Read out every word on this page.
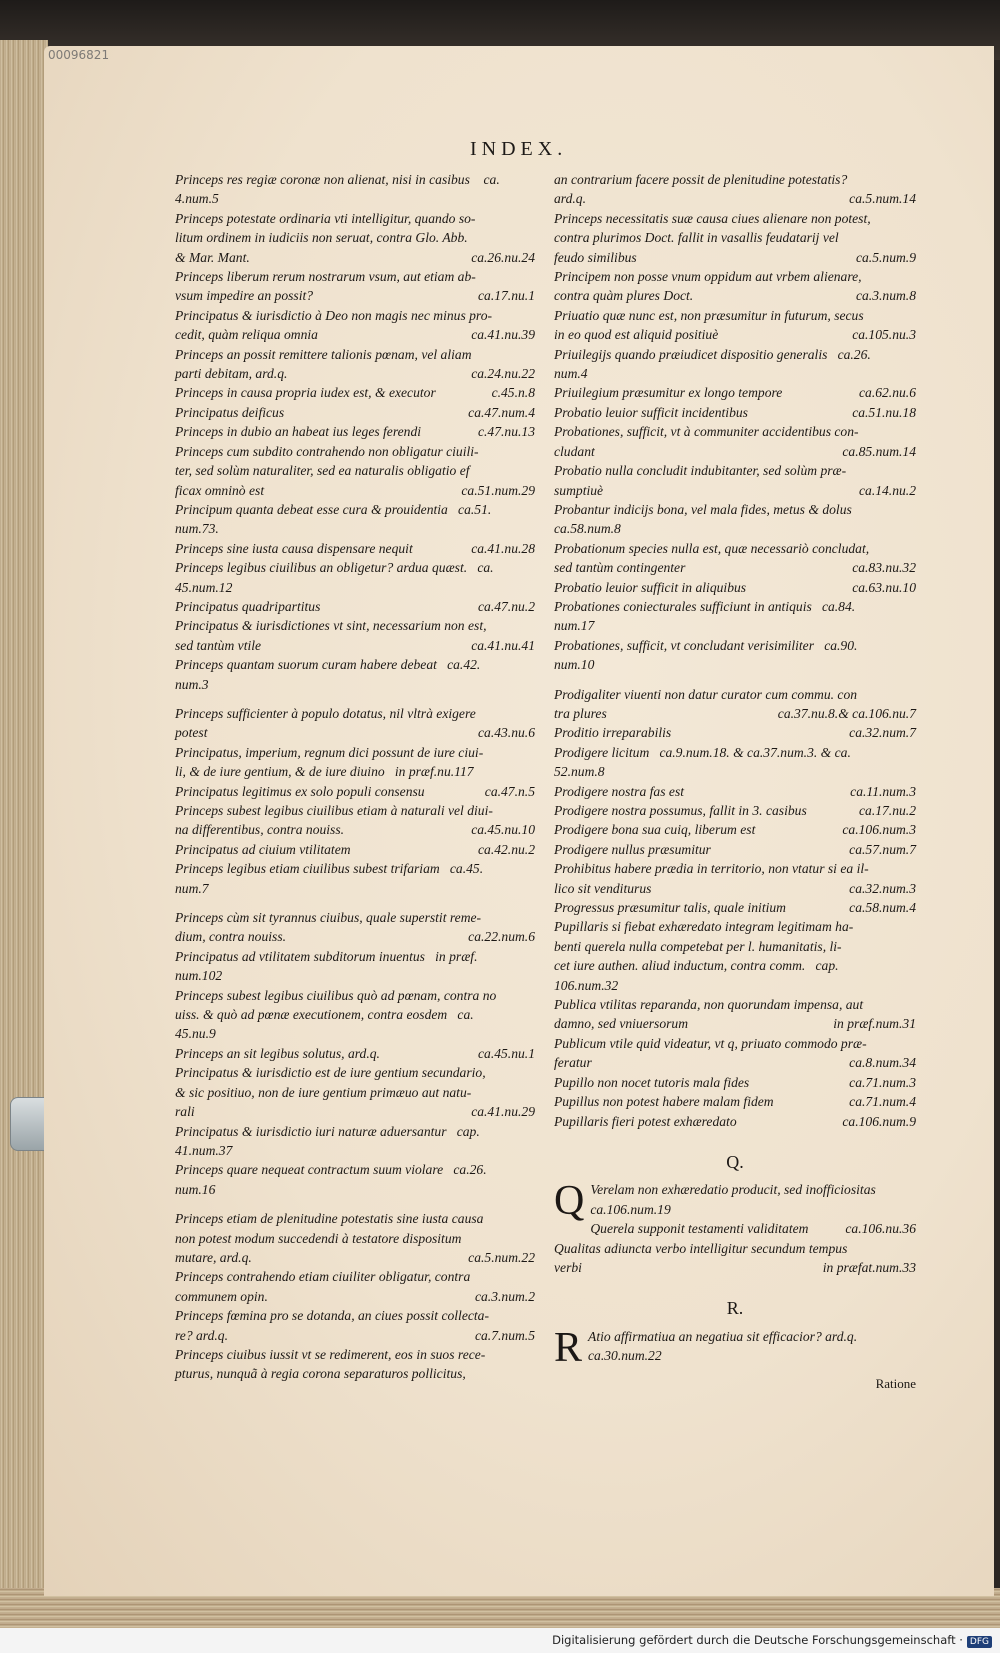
00096821
INDEX.
Princeps res regiæ coronæ non alienat, nisi in casibus    ca.
4.num.5
Princeps potestate ordinaria vti intelligitur, quando so-
litum ordinem in iudiciis non seruat, contra Glo. Abb.
& Mar. Mant.	ca.26.nu.24
Princeps liberum rerum nostrarum vsum, aut etiam ab-
vsum impedire an possit?	ca.17.nu.1
Principatus & iurisdictio à Deo non magis nec minus pro-
cedit, quàm reliqua omnia	ca.41.nu.39
Princeps an possit remittere talionis pœnam, vel aliam
parti debitam, ard.q.	ca.24.nu.22
Princeps in causa propria iudex est, & executor	c.45.n.8
Principatus deificus	ca.47.num.4
Princeps in dubio an habeat ius leges ferendi	c.47.nu.13
Princeps cum subdito contrahendo non obligatur ciuili-
ter, sed solùm naturaliter, sed ea naturalis obligatio ef
ficax omninò est	ca.51.num.29
Principum quanta debeat esse cura & prouidentia   ca.51.
num.73.
Princeps sine iusta causa dispensare nequit	ca.41.nu.28
Princeps legibus ciuilibus an obligetur? ardua quæst.   ca.
45.num.12
Principatus quadripartitus	ca.47.nu.2
Principatus & iurisdictiones vt sint, necessarium non est,
sed tantùm vtile	ca.41.nu.41
Princeps quantam suorum curam habere debeat   ca.42.
num.3
Princeps sufficienter à populo dotatus, nil vltrà exigere
potest	ca.43.nu.6
Principatus, imperium, regnum dici possunt de iure ciui-
li, & de iure gentium, & de iure diuino   in præf.nu.117
Principatus legitimus ex solo populi consensu	ca.47.n.5
Princeps subest legibus ciuilibus etiam à naturali vel diui-
na differentibus, contra nouiss.	ca.45.nu.10
Principatus ad ciuium vtilitatem	ca.42.nu.2
Princeps legibus etiam ciuilibus subest trifariam   ca.45.
num.7
Princeps cùm sit tyrannus ciuibus, quale superstit reme-
dium, contra nouiss.	ca.22.num.6
Principatus ad vtilitatem subditorum inuentus   in præf.
num.102
Princeps subest legibus ciuilibus quò ad pœnam, contra no
uiss. & quò ad pœnæ executionem, contra eosdem   ca.
45.nu.9
Princeps an sit legibus solutus, ard.q.	ca.45.nu.1
Principatus & iurisdictio est de iure gentium secundario,
& sic positiuo, non de iure gentium primæuo aut natu-
rali	ca.41.nu.29
Principatus & iurisdictio iuri naturæ aduersantur   cap.
41.num.37
Princeps quare nequeat contractum suum violare   ca.26.
num.16
Princeps etiam de plenitudine potestatis sine iusta causa
non potest modum succedendi à testatore dispositum
mutare, ard.q.	ca.5.num.22
Princeps contrahendo etiam ciuiliter obligatur, contra
communem opin.	ca.3.num.2
Princeps fœmina pro se dotanda, an ciues possit collecta-
re? ard.q.	ca.7.num.5
Princeps ciuibus iussit vt se redimerent, eos in suos rece-
pturus, nunquã à regia corona separaturos pollicitus,
an contrarium facere possit de plenitudine potestatis?
ard.q.	ca.5.num.14
Princeps necessitatis suæ causa ciues alienare non potest,
contra plurimos Doct. fallit in vasallis feudatarij vel
feudo similibus	ca.5.num.9
Principem non posse vnum oppidum aut vrbem alienare,
contra quàm plures Doct.	ca.3.num.8
Priuatio quæ nunc est, non præsumitur in futurum, secus
in eo quod est aliquid positiuè	ca.105.nu.3
Priuilegijs quando præiudicet dispositio generalis   ca.26.
num.4
Priuilegium præsumitur ex longo tempore	ca.62.nu.6
Probatio leuior sufficit incidentibus	ca.51.nu.18
Probationes, sufficit, vt à communiter accidentibus con-
cludant	ca.85.num.14
Probatio nulla concludit indubitanter, sed solùm præ-
sumptiuè	ca.14.nu.2
Probantur indicijs bona, vel mala fides, metus & dolus
ca.58.num.8
Probationum species nulla est, quæ necessariò concludat,
sed tantùm contingenter	ca.83.nu.32
Probatio leuior sufficit in aliquibus	ca.63.nu.10
Probationes coniecturales sufficiunt in antiquis   ca.84.
num.17
Probationes, sufficit, vt concludant verisimiliter   ca.90.
num.10
Prodigaliter viuenti non datur curator cum commu. con
tra plures	ca.37.nu.8.& ca.106.nu.7
Proditio irreparabilis	ca.32.num.7
Prodigere licitum   ca.9.num.18. & ca.37.num.3. & ca.
52.num.8
Prodigere nostra fas est	ca.11.num.3
Prodigere nostra possumus, fallit in 3. casibus	ca.17.nu.2
Prodigere bona sua cuiq, liberum est	ca.106.num.3
Prodigere nullus præsumitur	ca.57.num.7
Prohibitus habere prædia in territorio, non vtatur si ea il-
lico sit venditurus	ca.32.num.3
Progressus præsumitur talis, quale initium	ca.58.num.4
Pupillaris si fiebat exhæredato integram legitimam ha-
benti querela nulla competebat per l. humanitatis, li-
cet iure authen. aliud inductum, contra comm.   cap.
106.num.32
Publica vtilitas reparanda, non quorundam impensa, aut
damno, sed vniuersorum	in præf.num.31
Publicum vtile quid videatur, vt q, priuato commodo præ-
feratur	ca.8.num.34
Pupillo non nocet tutoris mala fides	ca.71.num.3
Pupillus non potest habere malam fidem	ca.71.num.4
Pupillaris fieri potest exhæredato	ca.106.num.9
Q.
Q Verelam non exhæredatio producit, sed inofficiositas
ca.106.num.19
Querela supponit testamenti validitatem	ca.106.nu.36
Qualitas adiuncta verbo intelligitur secundum tempus
verbi	in præfat.num.33
R.
R Atio affirmatiua an negatiua sit efficacior? ard.q.
ca.30.num.22
Ratione
Digitalisierung gefördert durch die Deutsche Forschungsgemeinschaft · DFG
